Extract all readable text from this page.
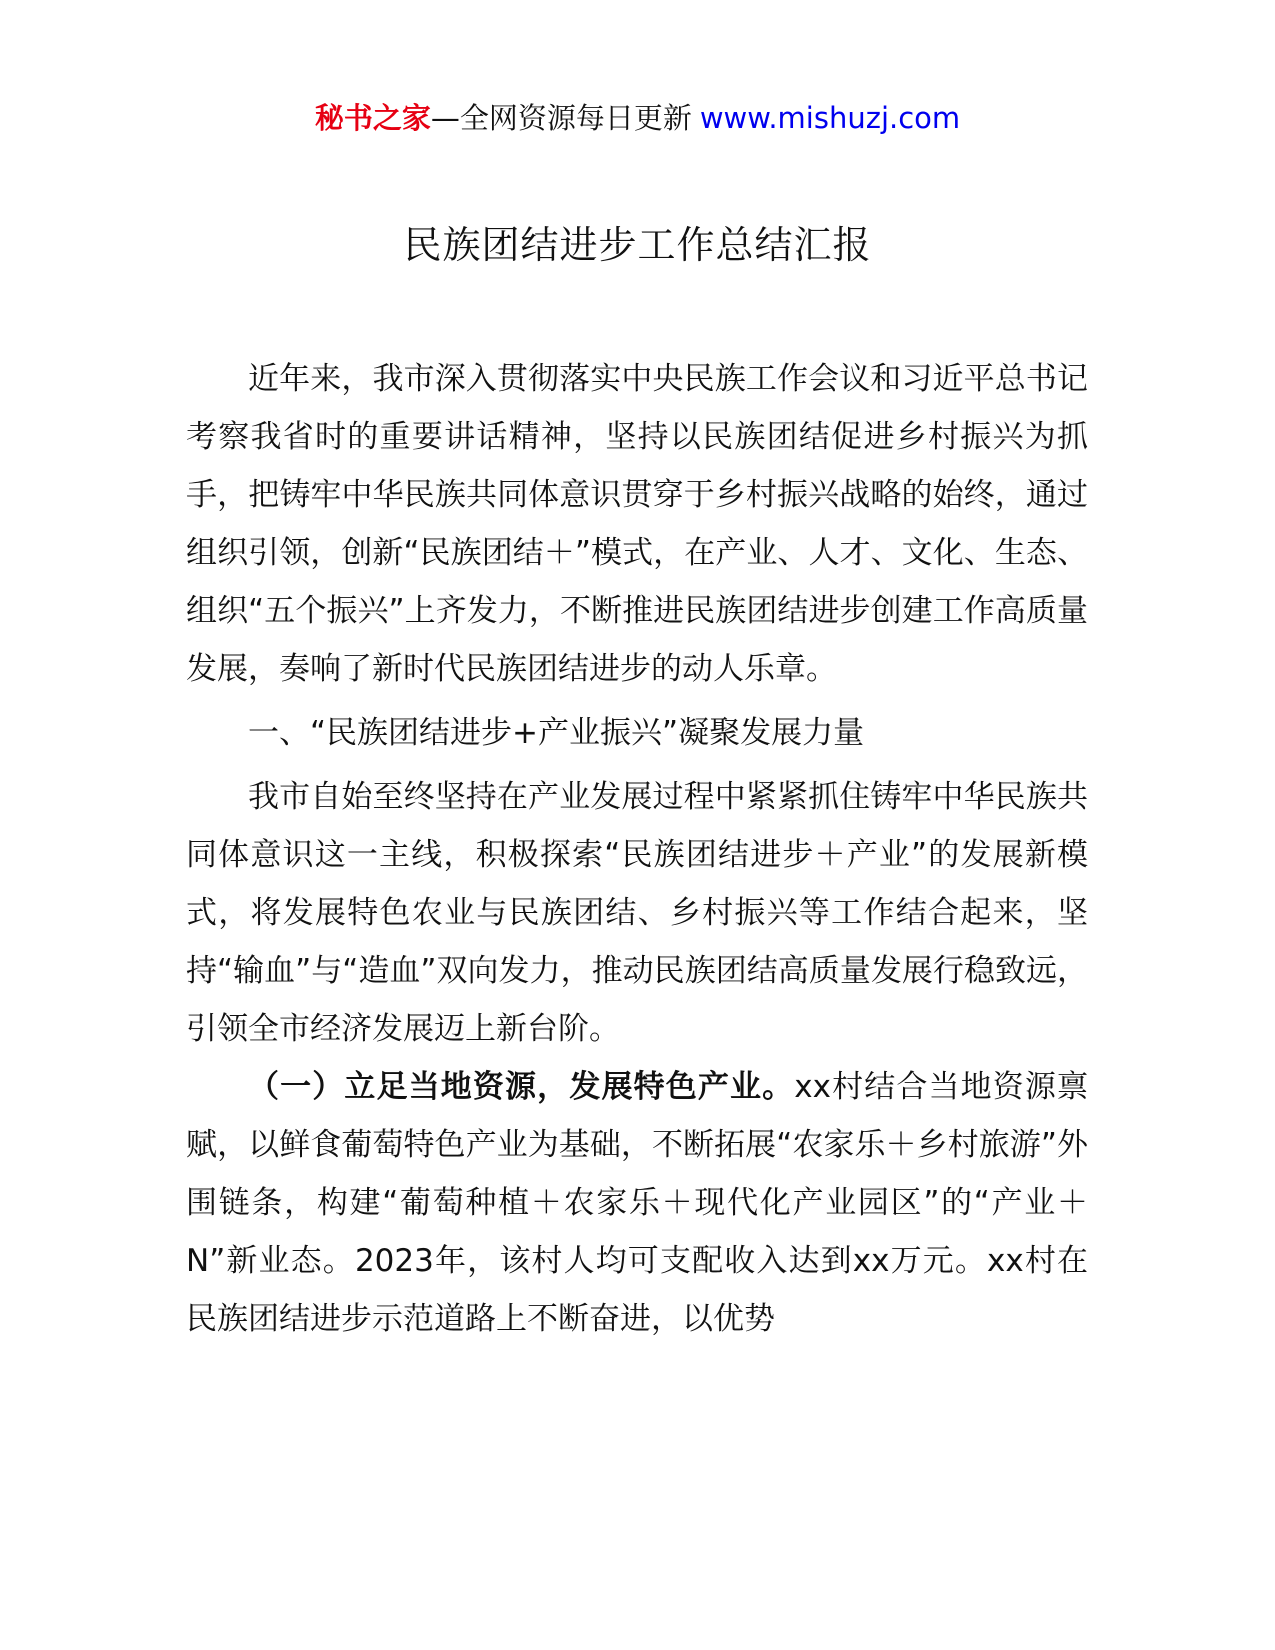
秘书之家—全网资源每日更新 www.mishuzj.com
民族团结进步工作总结汇报

近年来，我市深入贯彻落实中央民族工作会议和习近平总书记考察我省时的重要讲话精神，坚持以民族团结促进乡村振兴为抓手，把铸牢中华民族共同体意识贯穿于乡村振兴战略的始终，通过组织引领，创新“民族团结＋”模式，在产业、人才、文化、生态、组织“五个振兴”上齐发力，不断推进民族团结进步创建工作高质量发展，奏响了新时代民族团结进步的动人乐章。

一、“民族团结进步+产业振兴”凝聚发展力量

我市自始至终坚持在产业发展过程中紧紧抓住铸牢中华民族共同体意识这一主线，积极探索“民族团结进步＋产业”的发展新模式，将发展特色农业与民族团结、乡村振兴等工作结合起来，坚持“输血”与“造血”双向发力，推动民族团结高质量发展行稳致远，引领全市经济发展迈上新台阶。

（一）立足当地资源，发展特色产业。xx村结合当地资源禀赋，以鲜食葡萄特色产业为基础，不断拓展“农家乐＋乡村旅游”外围链条，构建“葡萄种植＋农家乐＋现代化产业园区”的“产业＋N”新业态。2023年，该村人均可支配收入达到xx万元。xx村在民族团结进步示范道路上不断奋进，以优势
